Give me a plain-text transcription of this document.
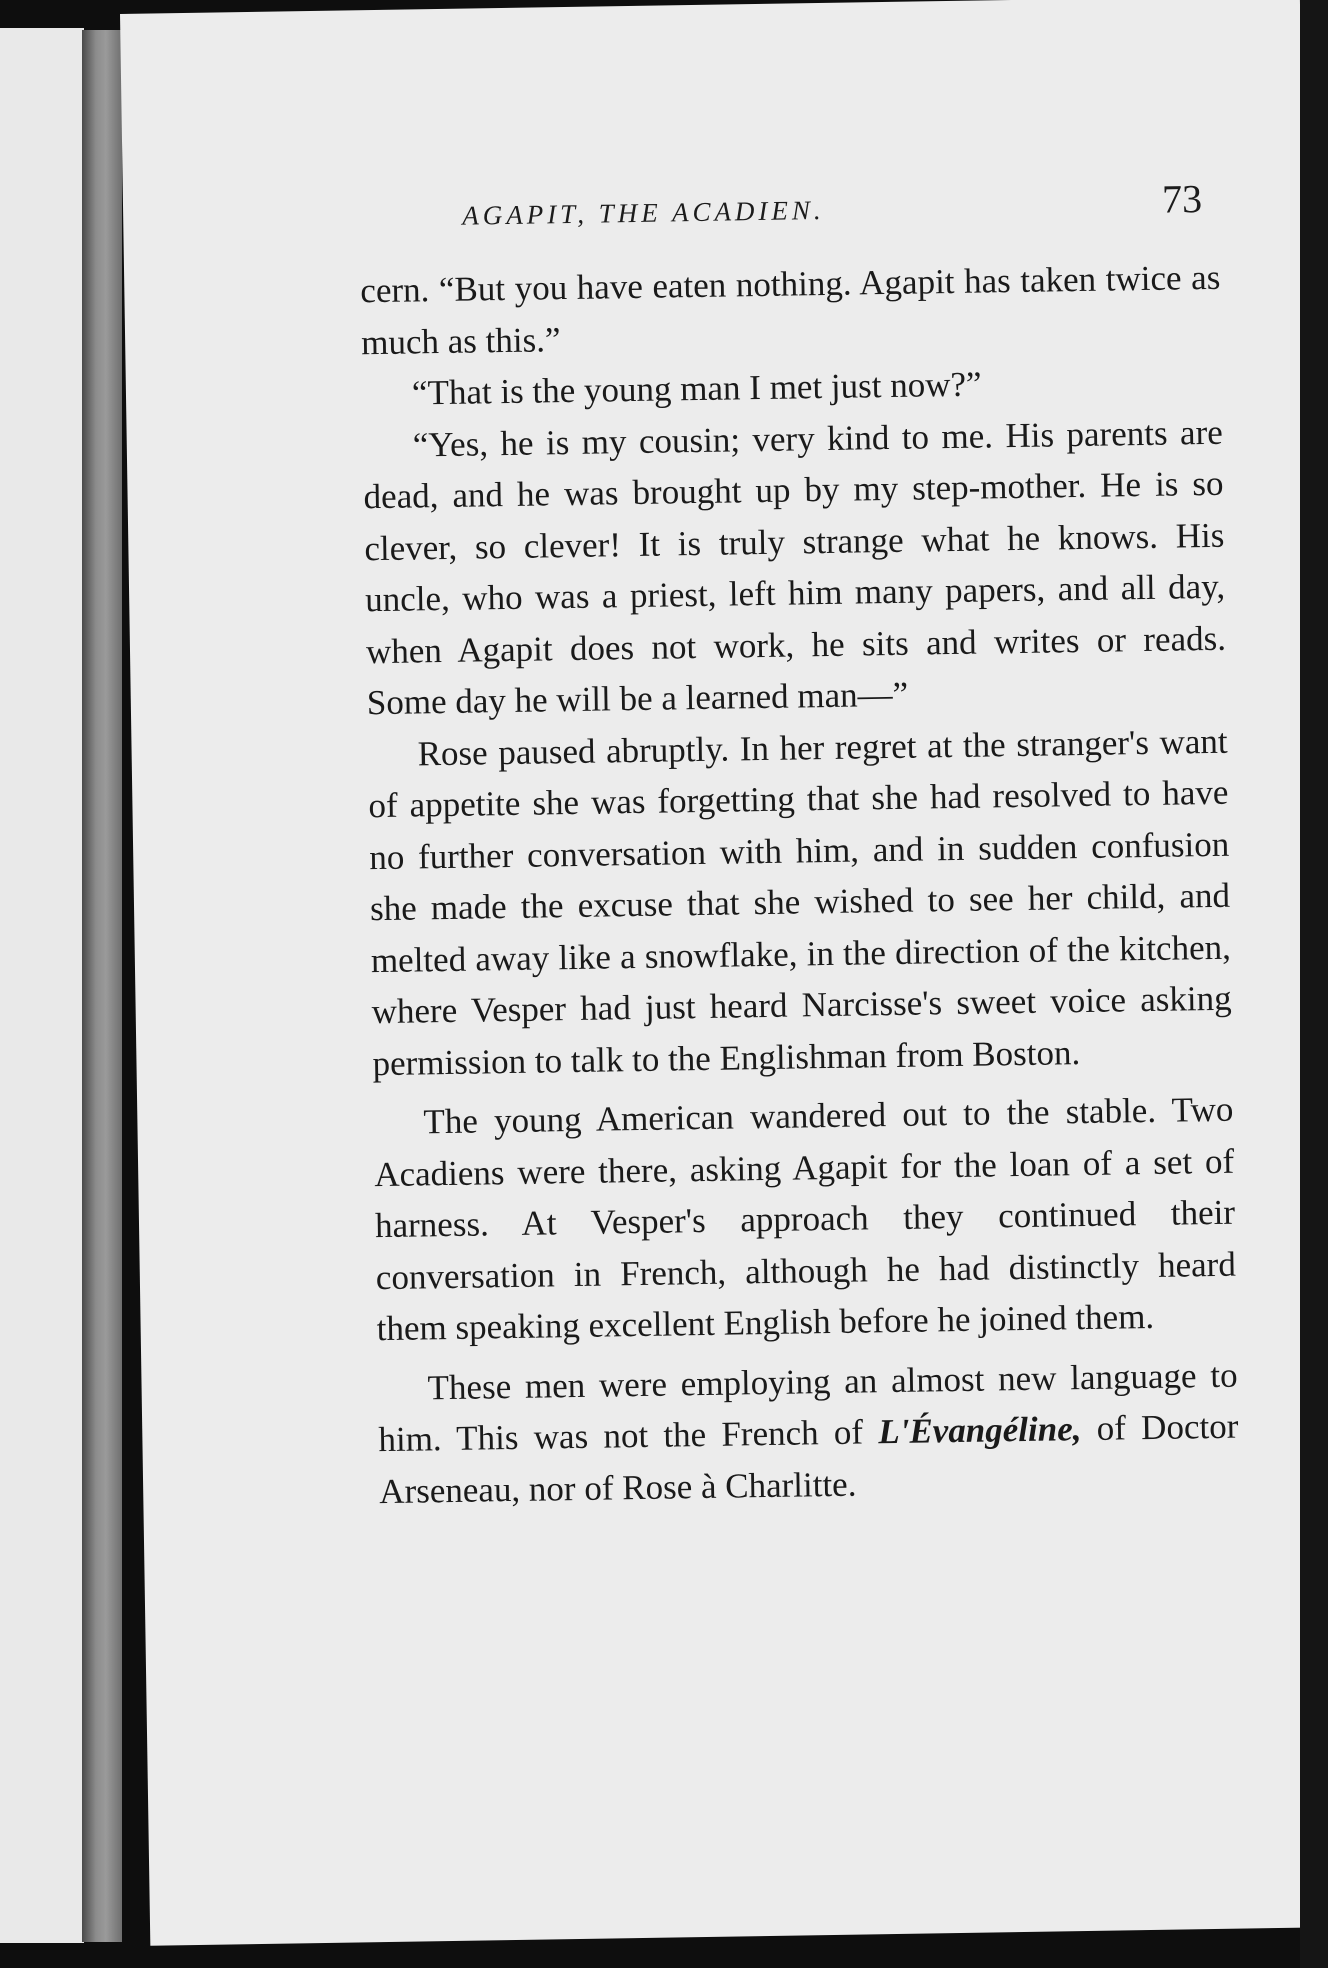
AGAPIT, THE ACADIEN.	73

cern. “But you have eaten nothing. Agapit has taken twice as much as this.”

“That is the young man I met just now?”

“Yes, he is my cousin; very kind to me. His parents are dead, and he was brought up by my step-mother. He is so clever, so clever! It is truly strange what he knows. His uncle, who was a priest, left him many papers, and all day, when Agapit does not work, he sits and writes or reads. Some day he will be a learned man—”

Rose paused abruptly. In her regret at the stranger's want of appetite she was forgetting that she had resolved to have no further conversation with him, and in sudden confusion she made the excuse that she wished to see her child, and melted away like a snowflake, in the direction of the kitchen, where Vesper had just heard Narcisse's sweet voice asking permission to talk to the Englishman from Boston.

The young American wandered out to the stable. Two Acadiens were there, asking Agapit for the loan of a set of harness. At Vesper's approach they continued their conversation in French, although he had distinctly heard them speaking excellent English before he joined them.

These men were employing an almost new language to him. This was not the French of L'Évangéline, of Doctor Arseneau, nor of Rose à Charlitte.
